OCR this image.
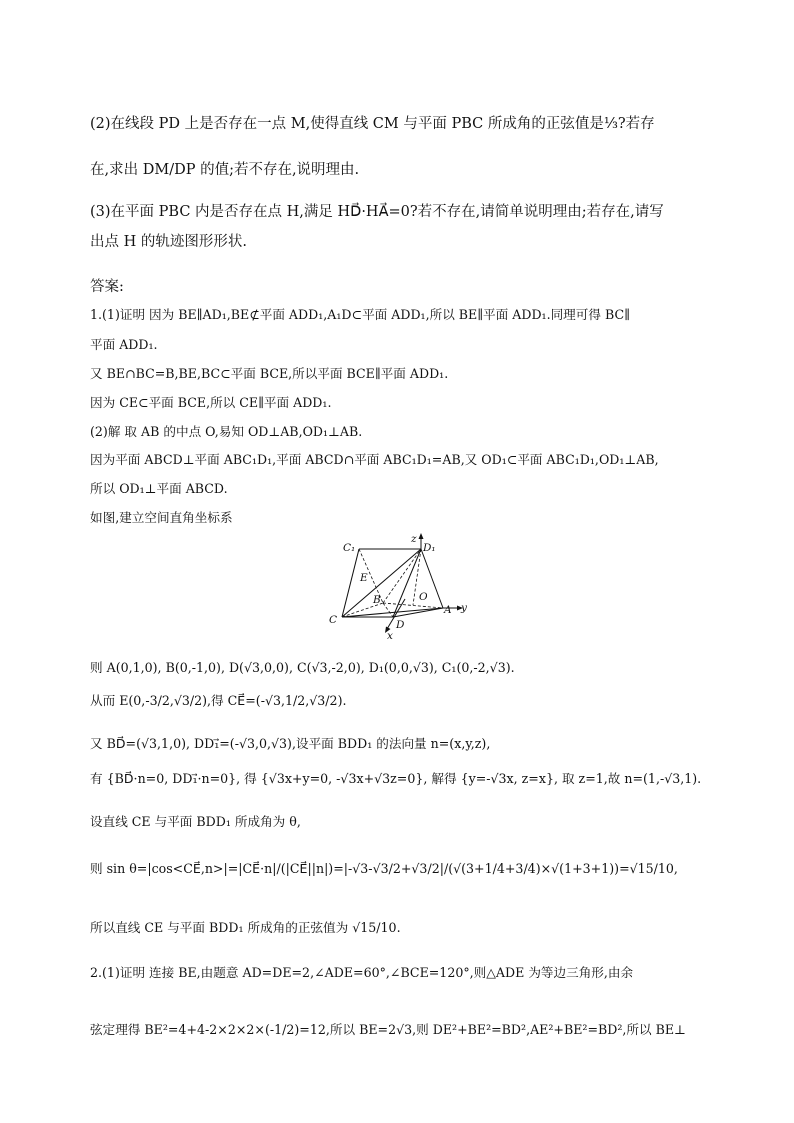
(2)在线段 PD 上是否存在一点 M,使得直线 CM 与平面 PBC 所成角的正弦值是⅓?若存
在,求出 DM/DP 的值;若不存在,说明理由.
(3)在平面 PBC 内是否存在点 H,满足 HD⃗·HA⃗=0?若不存在,请简单说明理由;若存在,请写
出点 H 的轨迹图形形状.
答案:
1.(1)证明 因为 BE∥AD₁,BE⊄平面 ADD₁,A₁D⊂平面 ADD₁,所以 BE∥平面 ADD₁.同理可得 BC∥
平面 ADD₁.
又 BE∩BC=B,BE,BC⊂平面 BCE,所以平面 BCE∥平面 ADD₁.
因为 CE⊂平面 BCE,所以 CE∥平面 ADD₁.
(2)解 取 AB 的中点 O,易知 OD⊥AB,OD₁⊥AB.
因为平面 ABCD⊥平面 ABC₁D₁,平面 ABCD∩平面 ABC₁D₁=AB,又 OD₁⊂平面 ABC₁D₁,OD₁⊥AB,
所以 OD₁⊥平面 ABCD.
如图,建立空间直角坐标系
C₁	D₁
z
E
B	O
A y
C	D
x
则 A(0,1,0), B(0,-1,0), D(√3,0,0), C(√3,-2,0), D₁(0,0,√3), C₁(0,-2,√3).
从而 E(0,-3/2,√3/2),得 CE⃗=(-√3,1/2,√3/2).
又 BD⃗=(√3,1,0), DD₁⃗=(-√3,0,√3),设平面 BDD₁ 的法向量 n=(x,y,z),
有 {BD⃗·n=0, DD₁⃗·n=0}, 得 {√3x+y=0, -√3x+√3z=0}, 解得 {y=-√3x, z=x}, 取 z=1,故 n=(1,-√3,1).
设直线 CE 与平面 BDD₁ 所成角为 θ,
则 sin θ=|cos<CE⃗,n>|=|CE⃗·n|/(|CE⃗||n|)=|-√3-√3/2+√3/2|/(√(3+1/4+3/4)×√(1+3+1))=√15/10,
所以直线 CE 与平面 BDD₁ 所成角的正弦值为 √15/10.
2.(1)证明 连接 BE,由题意 AD=DE=2,∠ADE=60°,∠BCE=120°,则△ADE 为等边三角形,由余
弦定理得 BE²=4+4-2×2×2×(-1/2)=12,所以 BE=2√3,则 DE²+BE²=BD²,AE²+BE²=BD²,所以 BE⊥
